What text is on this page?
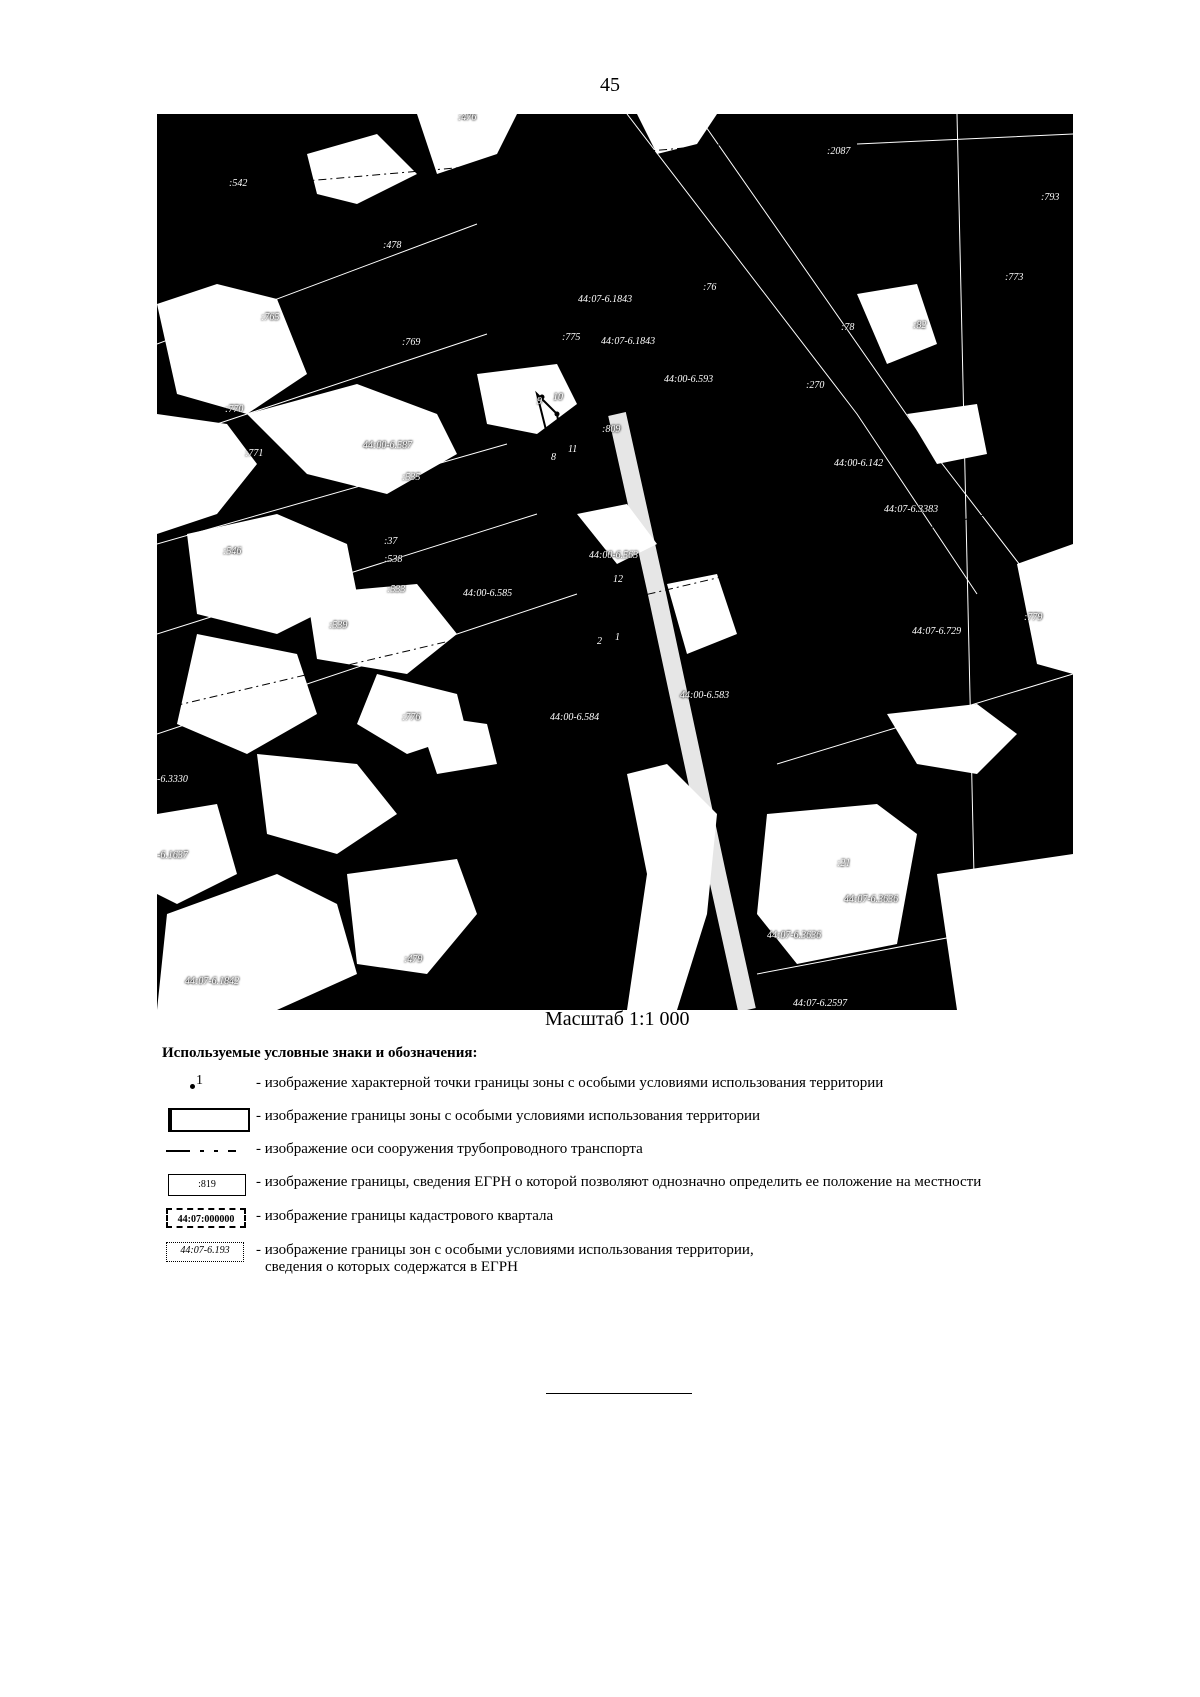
45
:476
:2087
:542
:793
:478
:773
:76
:765
44:07-6.1843
:78	:82
:775 44:07-6.1843
:769
44:00-6.593
:270
:770
44:00-6.587
:809
:771
:535
44:00-6.142
44:07-6.3383
:37
:546
:538	44:00-6.563
:533	44:00-6.585
:779
:539
44:07-6.729
44:00-6.583
:776	44:00-6.584
-6.3330
-6.1637
:21
44:07-6.3636
44:07-6.3636
:479
44:07-6.1842
44:07-6.2597
9 10
11
8
12
2 1
Масштаб 1:1 000
Используемые условные знаки и обозначения:
1	- изображение характерной точки границы зоны с особыми условиями использования территории
- изображение границы зоны с особыми условиями использования территории
- изображение оси сооружения трубопроводного транспорта
:819	- изображение границы, сведения ЕГРН о которой позволяют однозначно определить ее положение на местности
44:07:000000	- изображение границы кадастрового квартала
44:07-6.193	- изображение границы зон с особыми условиями использования территории,
сведения о которых содержатся в ЕГРН
